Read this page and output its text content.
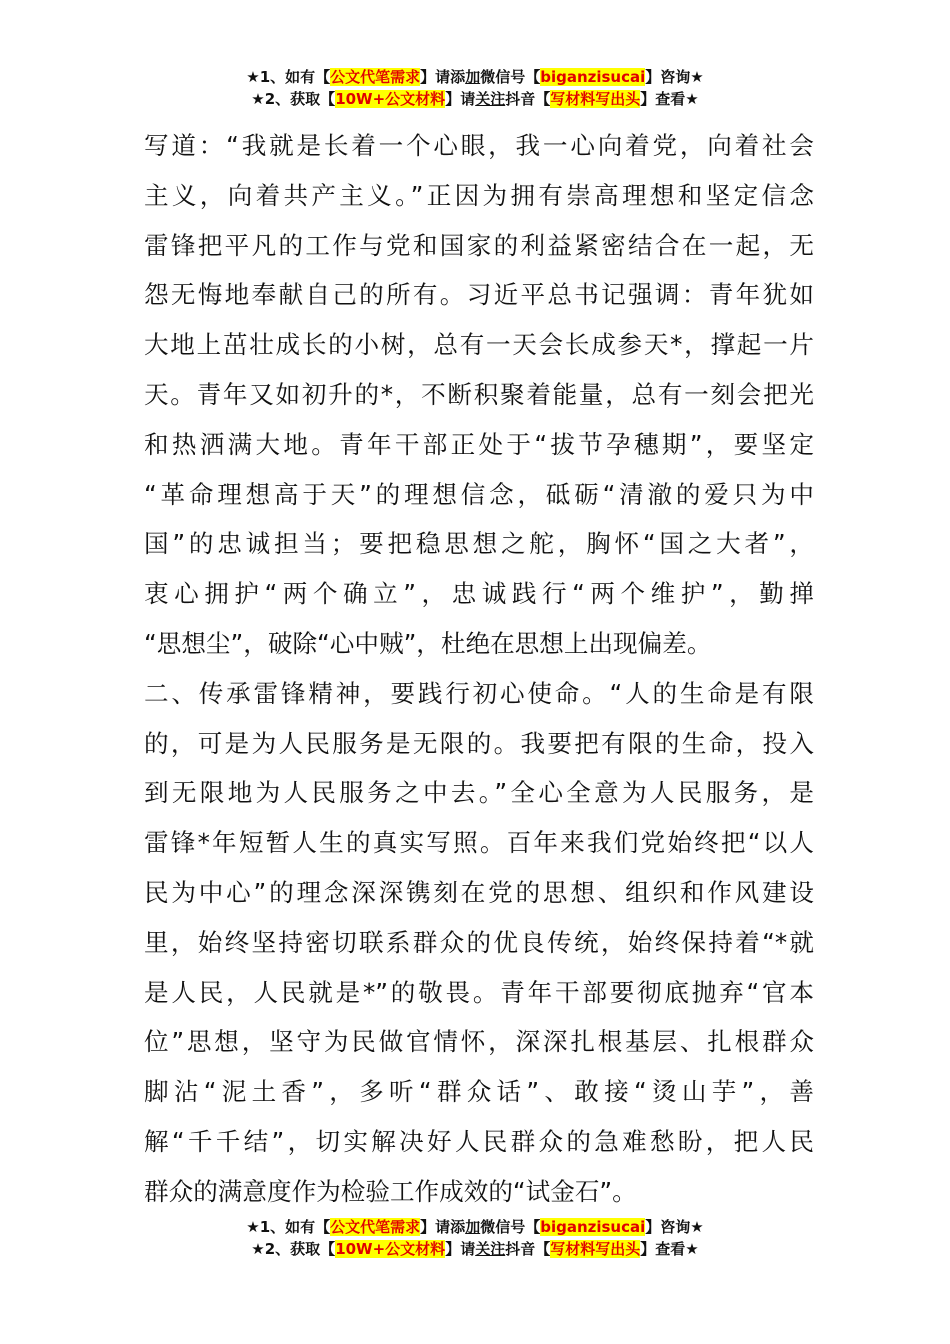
★1、如有【公文代笔需求】请添加微信号【biganzisucai】咨询★
★2、获取【10W+公文材料】请关注抖音【写材料写出头】查看★
写道：“我就是长着一个心眼，我一心向着党，向着社会
主义，向着共产主义。”正因为拥有崇高理想和坚定信念
雷锋把平凡的工作与党和国家的利益紧密结合在一起，无
怨无悔地奉献自己的所有。习近平总书记强调：青年犹如
大地上茁壮成长的小树，总有一天会长成参天*，撑起一片
天。青年又如初升的*，不断积聚着能量，总有一刻会把光
和热洒满大地。青年干部正处于“拔节孕穗期”，要坚定
“革命理想高于天”的理想信念，砥砺“清澈的爱只为中
国”的忠诚担当；要把稳思想之舵，胸怀“国之大者”，
衷心拥护“两个确立”，忠诚践行“两个维护”，勤掸
“思想尘”，破除“心中贼”，杜绝在思想上出现偏差。
二、传承雷锋精神，要践行初心使命。“人的生命是有限
的，可是为人民服务是无限的。我要把有限的生命，投入
到无限地为人民服务之中去。”全心全意为人民服务，是
雷锋*年短暂人生的真实写照。百年来我们党始终把“以人
民为中心”的理念深深镌刻在党的思想、组织和作风建设
里，始终坚持密切联系群众的优良传统，始终保持着“*就
是人民，人民就是*”的敬畏。青年干部要彻底抛弃“官本
位”思想，坚守为民做官情怀，深深扎根基层、扎根群众
脚沾“泥土香”，多听“群众话”、敢接“烫山芋”，善
解“千千结”，切实解决好人民群众的急难愁盼，把人民
群众的满意度作为检验工作成效的“试金石”。
★1、如有【公文代笔需求】请添加微信号【biganzisucai】咨询★
★2、获取【10W+公文材料】请关注抖音【写材料写出头】查看★
